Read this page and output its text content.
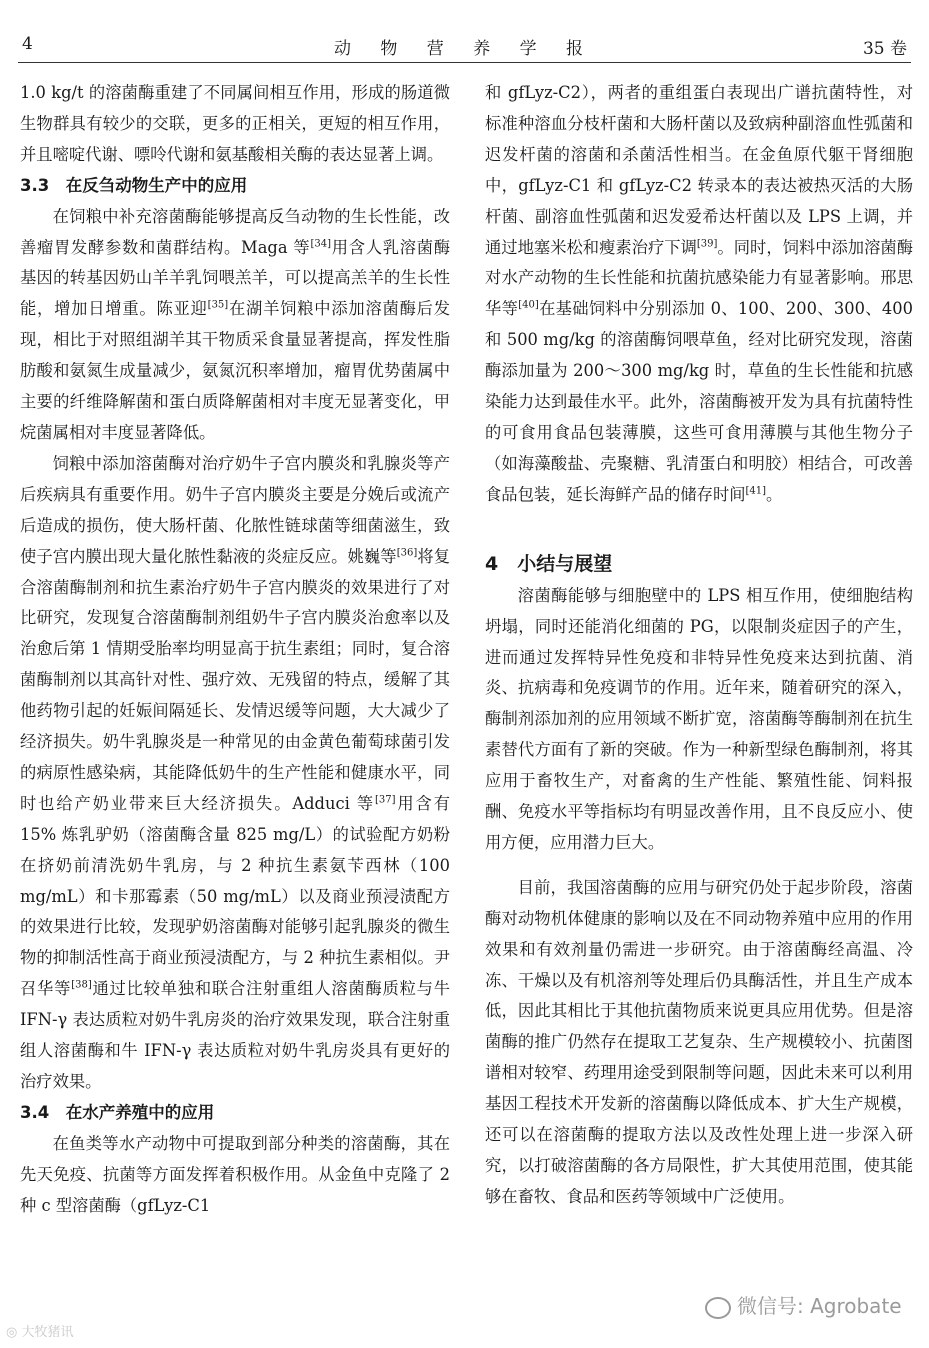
4	动 物 营 养 学 报	35 卷

1.0 kg/t 的溶菌酶重建了不同属间相互作用，形成的肠道微生物群具有较少的交联，更多的正相关，更短的相互作用，并且嘧啶代谢、嘌呤代谢和氨基酸相关酶的表达显著上调。

3.3　在反刍动物生产中的应用

在饲粮中补充溶菌酶能够提高反刍动物的生长性能，改善瘤胃发酵参数和菌群结构。Maga 等[34]用含人乳溶菌酶基因的转基因奶山羊羊乳饲喂羔羊，可以提高羔羊的生长性能，增加日增重。陈亚迎[35]在湖羊饲粮中添加溶菌酶后发现，相比于对照组湖羊其干物质采食量显著提高，挥发性脂肪酸和氨氮生成量减少，氨氮沉积率增加，瘤胃优势菌属中主要的纤维降解菌和蛋白质降解菌相对丰度无显著变化，甲烷菌属相对丰度显著降低。

饲粮中添加溶菌酶对治疗奶牛子宫内膜炎和乳腺炎等产后疾病具有重要作用。奶牛子宫内膜炎主要是分娩后或流产后造成的损伤，使大肠杆菌、化脓性链球菌等细菌滋生，致使子宫内膜出现大量化脓性黏液的炎症反应。姚巍等[36]将复合溶菌酶制剂和抗生素治疗奶牛子宫内膜炎的效果进行了对比研究，发现复合溶菌酶制剂组奶牛子宫内膜炎治愈率以及治愈后第 1 情期受胎率均明显高于抗生素组；同时，复合溶菌酶制剂以其高针对性、强疗效、无残留的特点，缓解了其他药物引起的妊娠间隔延长、发情迟缓等问题，大大减少了经济损失。奶牛乳腺炎是一种常见的由金黄色葡萄球菌引发的病原性感染病，其能降低奶牛的生产性能和健康水平，同时也给产奶业带来巨大经济损失。Adduci 等[37]用含有 15% 炼乳驴奶（溶菌酶含量 825 mg/L）的试验配方奶粉在挤奶前清洗奶牛乳房，与 2 种抗生素氨苄西林（100 mg/mL）和卡那霉素（50 mg/mL）以及商业预浸渍配方的效果进行比较，发现驴奶溶菌酶对能够引起乳腺炎的微生物的抑制活性高于商业预浸渍配方，与 2 种抗生素相似。尹召华等[38]通过比较单独和联合注射重组人溶菌酶质粒与牛 IFN-γ 表达质粒对奶牛乳房炎的治疗效果发现，联合注射重组人溶菌酶和牛 IFN-γ 表达质粒对奶牛乳房炎具有更好的治疗效果。

3.4　在水产养殖中的应用

在鱼类等水产动物中可提取到部分种类的溶菌酶，其在先天免疫、抗菌等方面发挥着积极作用。从金鱼中克隆了 2 种 c 型溶菌酶（gfLyz-C1

和 gfLyz-C2），两者的重组蛋白表现出广谱抗菌特性，对标准种溶血分枝杆菌和大肠杆菌以及致病种副溶血性弧菌和迟发杆菌的溶菌和杀菌活性相当。在金鱼原代躯干肾细胞中，gfLyz-C1 和 gfLyz-C2 转录本的表达被热灭活的大肠杆菌、副溶血性弧菌和迟发爱希达杆菌以及 LPS 上调，并通过地塞米松和瘦素治疗下调[39]。同时，饲料中添加溶菌酶对水产动物的生长性能和抗菌抗感染能力有显著影响。邢思华等[40]在基础饲料中分别添加 0、100、200、300、400 和 500 mg/kg 的溶菌酶饲喂草鱼，经对比研究发现，溶菌酶添加量为 200～300 mg/kg 时，草鱼的生长性能和抗感染能力达到最佳水平。此外，溶菌酶被开发为具有抗菌特性的可食用食品包装薄膜，这些可食用薄膜与其他生物分子（如海藻酸盐、壳聚糖、乳清蛋白和明胶）相结合，可改善食品包装，延长海鲜产品的储存时间[41]。

4　小结与展望

溶菌酶能够与细胞壁中的 LPS 相互作用，使细胞结构坍塌，同时还能消化细菌的 PG，以限制炎症因子的产生，进而通过发挥特异性免疫和非特异性免疫来达到抗菌、消炎、抗病毒和免疫调节的作用。近年来，随着研究的深入，酶制剂添加剂的应用领域不断扩宽，溶菌酶等酶制剂在抗生素替代方面有了新的突破。作为一种新型绿色酶制剂，将其应用于畜牧生产，对畜禽的生产性能、繁殖性能、饲料报酬、免疫水平等指标均有明显改善作用，且不良反应小、使用方便，应用潜力巨大。

目前，我国溶菌酶的应用与研究仍处于起步阶段，溶菌酶对动物机体健康的影响以及在不同动物养殖中应用的作用效果和有效剂量仍需进一步研究。由于溶菌酶经高温、冷冻、干燥以及有机溶剂等处理后仍具酶活性，并且生产成本低，因此其相比于其他抗菌物质来说更具应用优势。但是溶菌酶的推广仍然存在提取工艺复杂、生产规模较小、抗菌图谱相对较窄、药理用途受到限制等问题，因此未来可以利用基因工程技术开发新的溶菌酶以降低成本、扩大生产规模，还可以在溶菌酶的提取方法以及改性处理上进一步深入研究，以打破溶菌酶的各方局限性，扩大其使用范围，使其能够在畜牧、食品和医药等领域中广泛使用。

◎ 大牧猪讯
微信号: Agrobate
